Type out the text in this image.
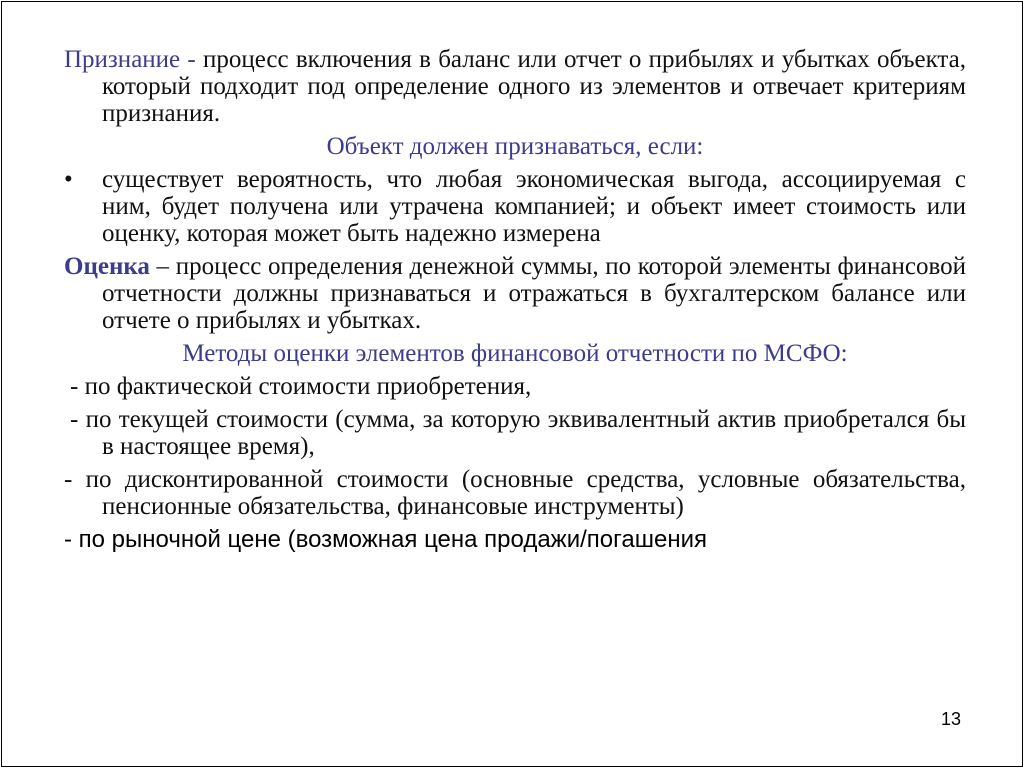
Признание - процесс включения в баланс или отчет о прибылях и убытках объекта, который подходит под определение одного из элементов и отвечает критериям признания.

Объект должен признаваться, если:

• существует вероятность, что любая экономическая выгода, ассоциируемая с ним, будет получена или утрачена компанией; и объект имеет стоимость или оценку, которая может быть надежно измерена

Оценка – процесс определения денежной суммы, по которой элементы финансовой отчетности должны признаваться и отражаться в бухгалтерском балансе или отчете о прибылях и убытках.

Методы оценки элементов финансовой отчетности по МСФО:

- по фактической стоимости приобретения,

- по текущей стоимости (сумма, за которую эквивалентный актив приобретался бы в настоящее время),

- по дисконтированной стоимости (основные средства, условные обязательства, пенсионные обязательства, финансовые инструменты)

- по рыночной цене (возможная цена продажи/погашения

13
